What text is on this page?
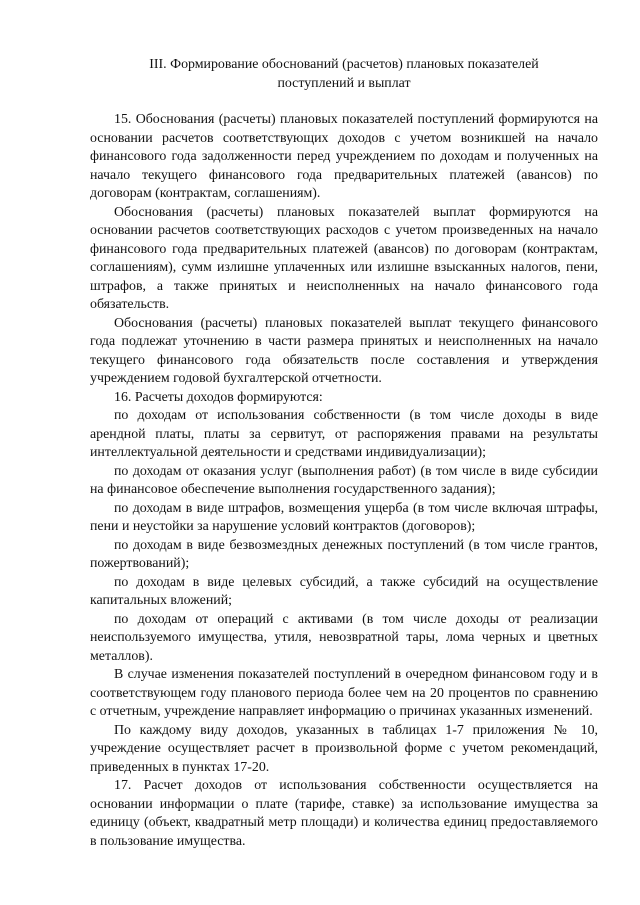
III. Формирование обоснований (расчетов) плановых показателей
поступлений и выплат

15. Обоснования (расчеты) плановых показателей поступлений формируются на основании расчетов соответствующих доходов с учетом возникшей на начало финансового года задолженности перед учреждением по доходам и полученных на начало текущего финансового года предварительных платежей (авансов) по договорам (контрактам, соглашениям).

Обоснования (расчеты) плановых показателей выплат формируются на основании расчетов соответствующих расходов с учетом произведенных на начало финансового года предварительных платежей (авансов) по договорам (контрактам, соглашениям), сумм излишне уплаченных или излишне взысканных налогов, пени, штрафов, а также принятых и неисполненных на начало финансового года обязательств.

Обоснования (расчеты) плановых показателей выплат текущего финансового года подлежат уточнению в части размера принятых и неисполненных на начало текущего финансового года обязательств после составления и утверждения учреждением годовой бухгалтерской отчетности.

16. Расчеты доходов формируются:

по доходам от использования собственности (в том числе доходы в виде арендной платы, платы за сервитут, от распоряжения правами на результаты интеллектуальной деятельности и средствами индивидуализации);

по доходам от оказания услуг (выполнения работ) (в том числе в виде субсидии на финансовое обеспечение выполнения государственного задания);

по доходам в виде штрафов, возмещения ущерба (в том числе включая штрафы, пени и неустойки за нарушение условий контрактов (договоров);

по доходам в виде безвозмездных денежных поступлений (в том числе грантов, пожертвований);

по доходам в виде целевых субсидий, а также субсидий на осуществление капитальных вложений;

по доходам от операций с активами (в том числе доходы от реализации неиспользуемого имущества, утиля, невозвратной тары, лома черных и цветных металлов).

В случае изменения показателей поступлений в очередном финансовом году и в соответствующем году планового периода более чем на 20 процентов по сравнению с отчетным, учреждение направляет информацию о причинах указанных изменений.

По каждому виду доходов, указанных в таблицах 1-7 приложения № 10, учреждение осуществляет расчет в произвольной форме с учетом рекомендаций, приведенных в пунктах 17-20.

17. Расчет доходов от использования собственности осуществляется на основании информации о плате (тарифе, ставке) за использование имущества за единицу (объект, квадратный метр площади) и количества единиц предоставляемого в пользование имущества.
